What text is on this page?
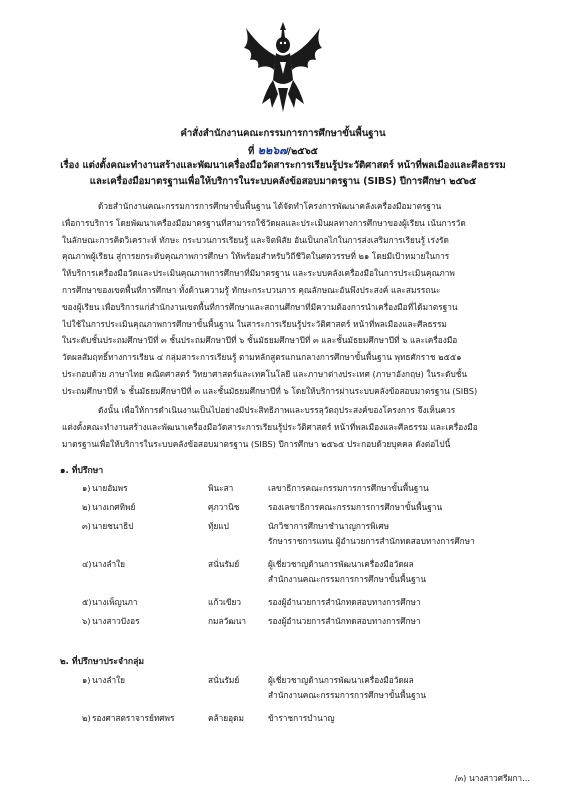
คำสั่งสำนักงานคณะกรรมการการศึกษาขั้นพื้นฐาน
ที่ ๒๒๖๗/๒๕๖๕
เรื่อง แต่งตั้งคณะทำงานสร้างและพัฒนาเครื่องมือวัดสาระการเรียนรู้ประวัติศาสตร์ หน้าที่พลเมืองและศีลธรรม
และเครื่องมือมาตรฐานเพื่อให้บริการในระบบคลังข้อสอบมาตรฐาน (SIBS) ปีการศึกษา ๒๕๖๕
ด้วยสำนักงานคณะกรรมการการศึกษาขั้นพื้นฐาน ได้จัดทำโครงการพัฒนาคลังเครื่องมือมาตรฐาน
เพื่อการบริการ โดยพัฒนาเครื่องมือมาตรฐานที่สามารถใช้วัดผลและประเมินผลทางการศึกษาของผู้เรียน เน้นการวัด
ในลักษณะการคิดวิเคราะห์ ทักษะ กระบวนการเรียนรู้ และจิตพิสัย อันเป็นกลไกในการส่งเสริมการเรียนรู้ เร่งรัด
คุณภาพผู้เรียน สู่การยกระดับคุณภาพการศึกษา ให้พร้อมสำหรับวิถีชีวิตในศตวรรษที่ ๒๑ โดยมีเป้าหมายในการ
ให้บริการเครื่องมือวัดและประเมินคุณภาพการศึกษาที่มีมาตรฐาน และระบบคลังเครื่องมือในการประเมินคุณภาพ
การศึกษาของเขตพื้นที่การศึกษา ทั้งด้านความรู้ ทักษะกระบวนการ คุณลักษณะอันพึงประสงค์ และสมรรถนะ
ของผู้เรียน เพื่อบริการแก่สำนักงานเขตพื้นที่การศึกษาและสถานศึกษาที่มีความต้องการนำเครื่องมือที่ได้มาตรฐาน
ไปใช้ในการประเมินคุณภาพการศึกษาขั้นพื้นฐาน ในสาระการเรียนรู้ประวัติศาสตร์ หน้าที่พลเมืองและศีลธรรม
ในระดับชั้นประถมศึกษาปีที่ ๓ ชั้นประถมศึกษาปีที่ ๖ ชั้นมัธยมศึกษาปีที่ ๓ และชั้นมัธยมศึกษาปีที่ ๖ และเครื่องมือ
วัดผลสัมฤทธิ์ทางการเรียน ๔ กลุ่มสาระการเรียนรู้ ตามหลักสูตรแกนกลางการศึกษาขั้นพื้นฐาน พุทธศักราช ๒๕๕๑
ประกอบด้วย ภาษาไทย คณิตศาสตร์ วิทยาศาสตร์และเทคโนโลยี และภาษาต่างประเทศ (ภาษาอังกฤษ) ในระดับชั้น
ประถมศึกษาปีที่ ๖ ชั้นมัธยมศึกษาปีที่ ๓ และชั้นมัธยมศึกษาปีที่ ๖ โดยให้บริการผ่านระบบคลังข้อสอบมาตรฐาน (SIBS)
ดังนั้น เพื่อให้การดำเนินงานเป็นไปอย่างมีประสิทธิภาพและบรรลุวัตถุประสงค์ของโครงการ จึงเห็นควร
แต่งตั้งคณะทำงานสร้างและพัฒนาเครื่องมือวัดสาระการเรียนรู้ประวัติศาสตร์ หน้าที่พลเมืองและศีลธรรม และเครื่องมือ
มาตรฐานเพื่อให้บริการในระบบคลังข้อสอบมาตรฐาน (SIBS) ปีการศึกษา ๒๕๖๕ ประกอบด้วยบุคคล ดังต่อไปนี้
๑. ที่ปรึกษา
๑) นายอัมพร	พินะสา	เลขาธิการคณะกรรมการการศึกษาขั้นพื้นฐาน
๒) นางเกศทิพย์	ศุภวานิช	รองเลขาธิการคณะกรรมการการศึกษาขั้นพื้นฐาน
๓) นายชนาธิป	ทุ้ยแป	นักวิชาการศึกษาชำนาญการพิเศษ
รักษาราชการแทน ผู้อำนวยการสำนักทดสอบทางการศึกษา
๔) นางลำใย	สนั่นรัมย์	ผู้เชี่ยวชาญด้านการพัฒนาเครื่องมือวัดผล
สำนักงานคณะกรรมการการศึกษาขั้นพื้นฐาน
๕) นางเพ็ญนภา	แก้วเขียว	รองผู้อำนวยการสำนักทดสอบทางการศึกษา
๖) นางสาวปังอร	กมลวัฒนา	รองผู้อำนวยการสำนักทดสอบทางการศึกษา
๒. ที่ปรึกษาประจำกลุ่ม
๑) นางลำใย	สนั่นรัมย์	ผู้เชี่ยวชาญด้านการพัฒนาเครื่องมือวัดผล
สำนักงานคณะกรรมการการศึกษาขั้นพื้นฐาน
๒) รองศาสตราจารย์ทศพร	คล้ายอุดม	ข้าราชการบำนาญ
/๓) นางสาวศรีผกา...
